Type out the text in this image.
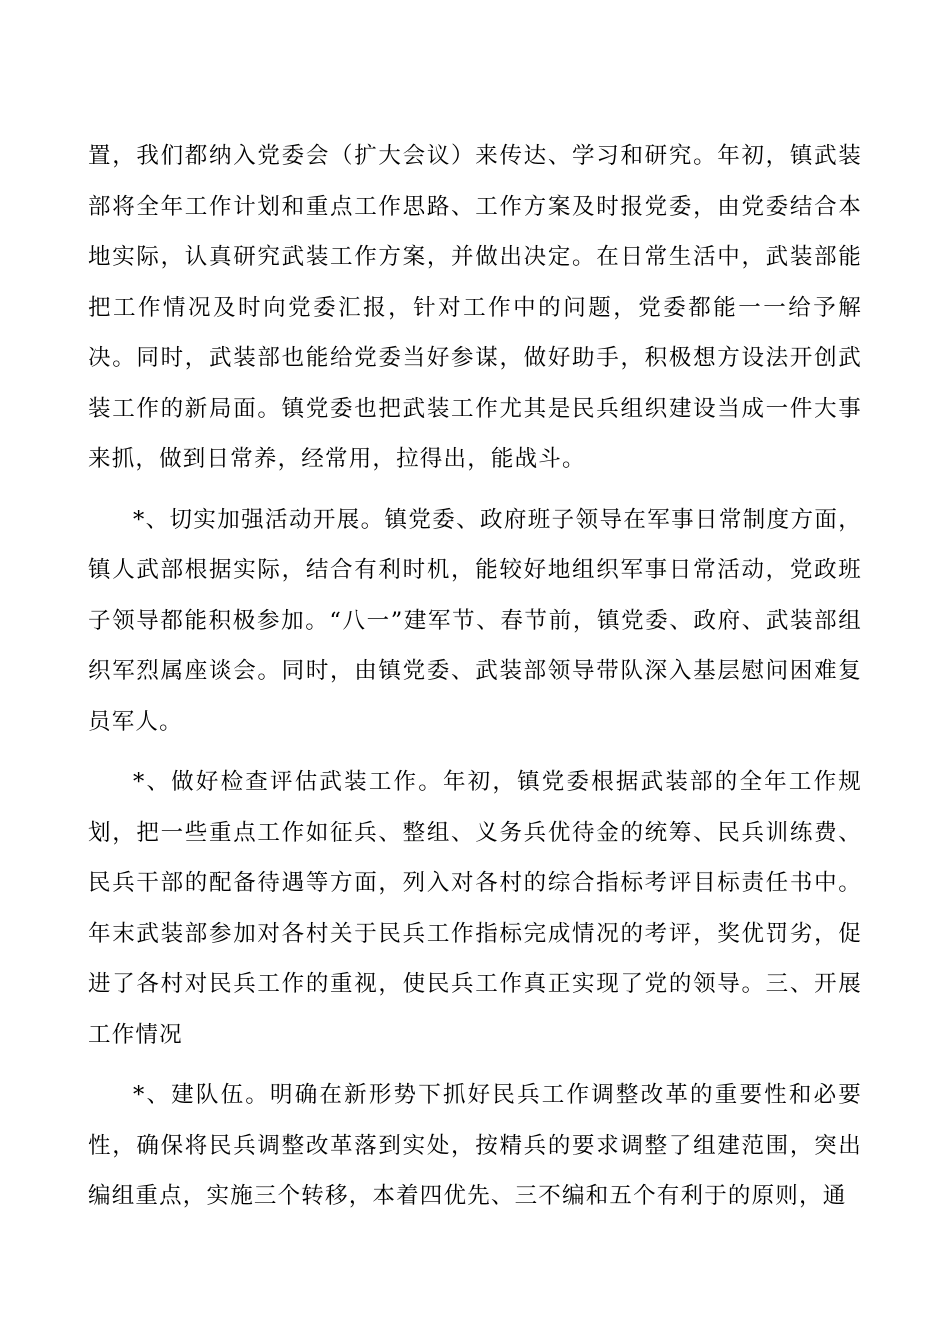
置，我们都纳入党委会（扩大会议）来传达、学习和研究。年初，镇武装部将全年工作计划和重点工作思路、工作方案及时报党委，由党委结合本地实际，认真研究武装工作方案，并做出决定。在日常生活中，武装部能把工作情况及时向党委汇报，针对工作中的问题，党委都能一一给予解决。同时，武装部也能给党委当好参谋，做好助手，积极想方设法开创武装工作的新局面。镇党委也把武装工作尤其是民兵组织建设当成一件大事来抓，做到日常养，经常用，拉得出，能战斗。

*、切实加强活动开展。镇党委、政府班子领导在军事日常制度方面，镇人武部根据实际，结合有利时机，能较好地组织军事日常活动，党政班子领导都能积极参加。“八一”建军节、春节前，镇党委、政府、武装部组织军烈属座谈会。同时，由镇党委、武装部领导带队深入基层慰问困难复员军人。

*、做好检查评估武装工作。年初，镇党委根据武装部的全年工作规划，把一些重点工作如征兵、整组、义务兵优待金的统筹、民兵训练费、民兵干部的配备待遇等方面，列入对各村的综合指标考评目标责任书中。年末武装部参加对各村关于民兵工作指标完成情况的考评，奖优罚劣，促进了各村对民兵工作的重视，使民兵工作真正实现了党的领导。三、开展工作情况

*、建队伍。明确在新形势下抓好民兵工作调整改革的重要性和必要性，确保将民兵调整改革落到实处，按精兵的要求调整了组建范围，突出编组重点，实施三个转移，本着四优先、三不编和五个有利于的原则，通
